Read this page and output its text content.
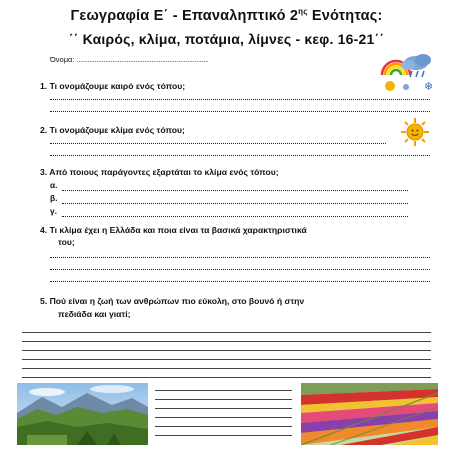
Γεωγραφία Ε΄ - Επαναληπτικό $2^{\eta\varsigma}$ Ενότητας:
΄΄ Καιρός, κλίμα, ποτάμια, λίμνες - κεφ. 16-21΄΄
Όνομα: ..........................................................................
❄
1. Τι ονομάζουμε καιρό ενός τόπου;
2. Τι ονομάζουμε κλίμα ενός τόπου;
3. Από ποιους παράγοντες εξαρτάται το κλίμα ενός τόπου;
α.
β.
γ.
4. Τι κλίμα έχει η Ελλάδα και ποια είναι τα βασικά χαρακτηριστικά
του;
5. Πού είναι η ζωή των ανθρώπων πιο εύκολη, στο βουνό ή στην
πεδιάδα και γιατί;
